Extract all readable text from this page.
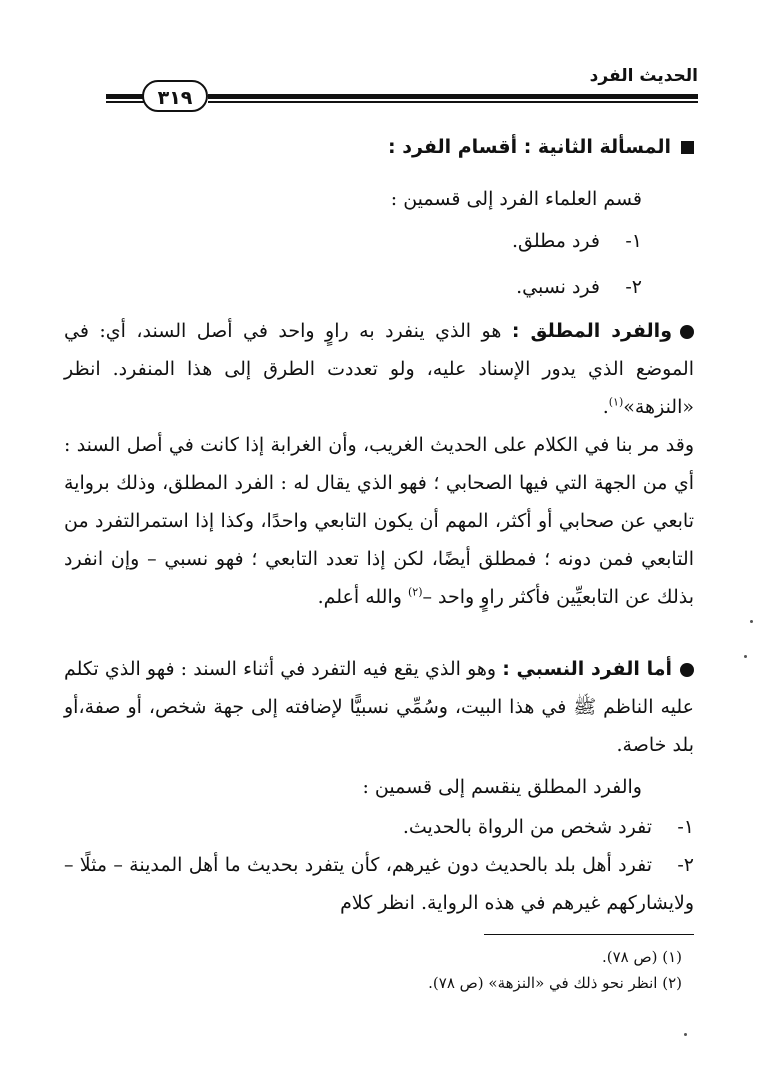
الحديث الفرد
٣١٩
المسألة الثانية : أقسام الفرد :
قسم العلماء الفرد إلى قسمين :
١-فرد مطلق.
٢-فرد نسبي.
والفرد المطلق : هو الذي ينفرد به راوٍ واحد في أصل السند، أي: في الموضع الذي يدور الإسناد عليه، ولو تعددت الطرق إلى هذا المنفرد. انظر «النزهة»$^{(١)}$.
وقد مر بنا في الكلام على الحديث الغريب، وأن الغرابة إذا كانت في أصل السند : أي من الجهة التي فيها الصحابي ؛ فهو الذي يقال له : الفرد المطلق، وذلك برواية تابعي عن صحابي أو أكثر، المهم أن يكون التابعي واحدًا، وكذا إذا استمرالتفرد من التابعي فمن دونه ؛ فمطلق أيضًا، لكن إذا تعدد التابعي ؛ فهو نسبي – وإن انفرد بذلك عن التابعيِّين فأكثر راوٍ واحد –$^{(٢)}$ والله أعلم.
أما الفرد النسبي : وهو الذي يقع فيه التفرد في أثناء السند : فهو الذي تكلم عليه الناظم ﷺ في هذا البيت، وسُمِّي نسبيًّا لإضافته إلى جهة شخص، أو صفة،أو بلد خاصة.
والفرد المطلق ينقسم إلى قسمين :
١-تفرد شخص من الرواة بالحديث.
٢-تفرد أهل بلد بالحديث دون غيرهم، كأن يتفرد بحديث ما أهل المدينة – مثلًا – ولايشاركهم غيرهم في هذه الرواية. انظر كلام
(١) (ص ٧٨).
(٢) انظر نحو ذلك في «النزهة» (ص ٧٨).
